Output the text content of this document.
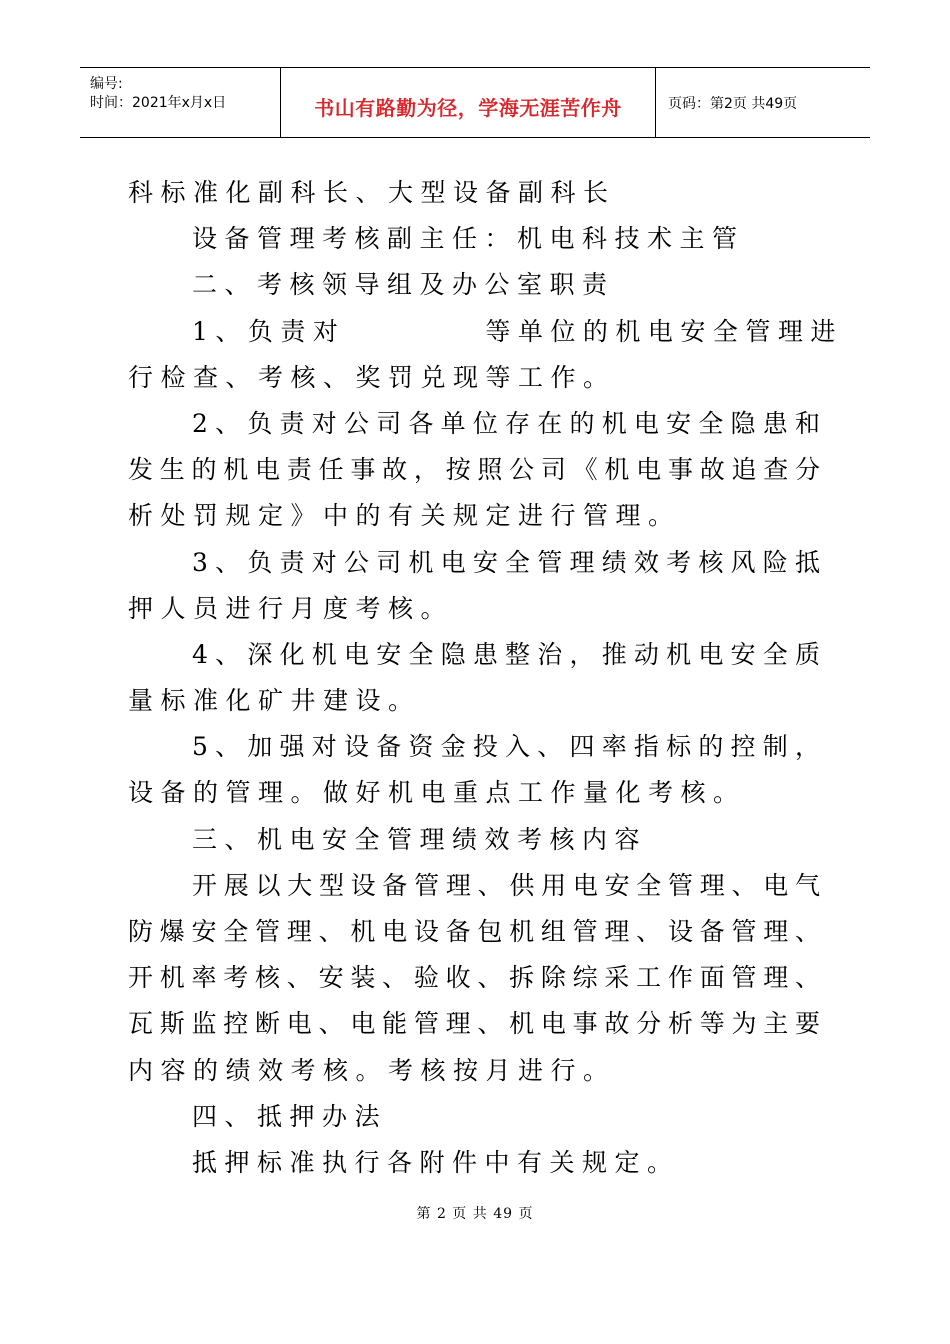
编号:
时间：2021年x月x日	书山有路勤为径，学海无涯苦作舟	页码：第2页 共49页
科标准化副科长、大型设备副科长
设备管理考核副主任：机电科技术主管
二、考核领导组及办公室职责
1、负责对	等单位的机电安全管理进
行检查、考核、奖罚兑现等工作。
2、负责对公司各单位存在的机电安全隐患和
发生的机电责任事故，按照公司《机电事故追查分
析处罚规定》中的有关规定进行管理。
3、负责对公司机电安全管理绩效考核风险抵
押人员进行月度考核。
4、深化机电安全隐患整治，推动机电安全质
量标准化矿井建设。
5、加强对设备资金投入、四率指标的控制，
设备的管理。做好机电重点工作量化考核。
三、机电安全管理绩效考核内容
开展以大型设备管理、供用电安全管理、电气
防爆安全管理、机电设备包机组管理、设备管理、
开机率考核、安装、验收、拆除综采工作面管理、
瓦斯监控断电、电能管理、机电事故分析等为主要
内容的绩效考核。考核按月进行。
四、抵押办法
抵押标准执行各附件中有关规定。
第 2 页 共 49 页
